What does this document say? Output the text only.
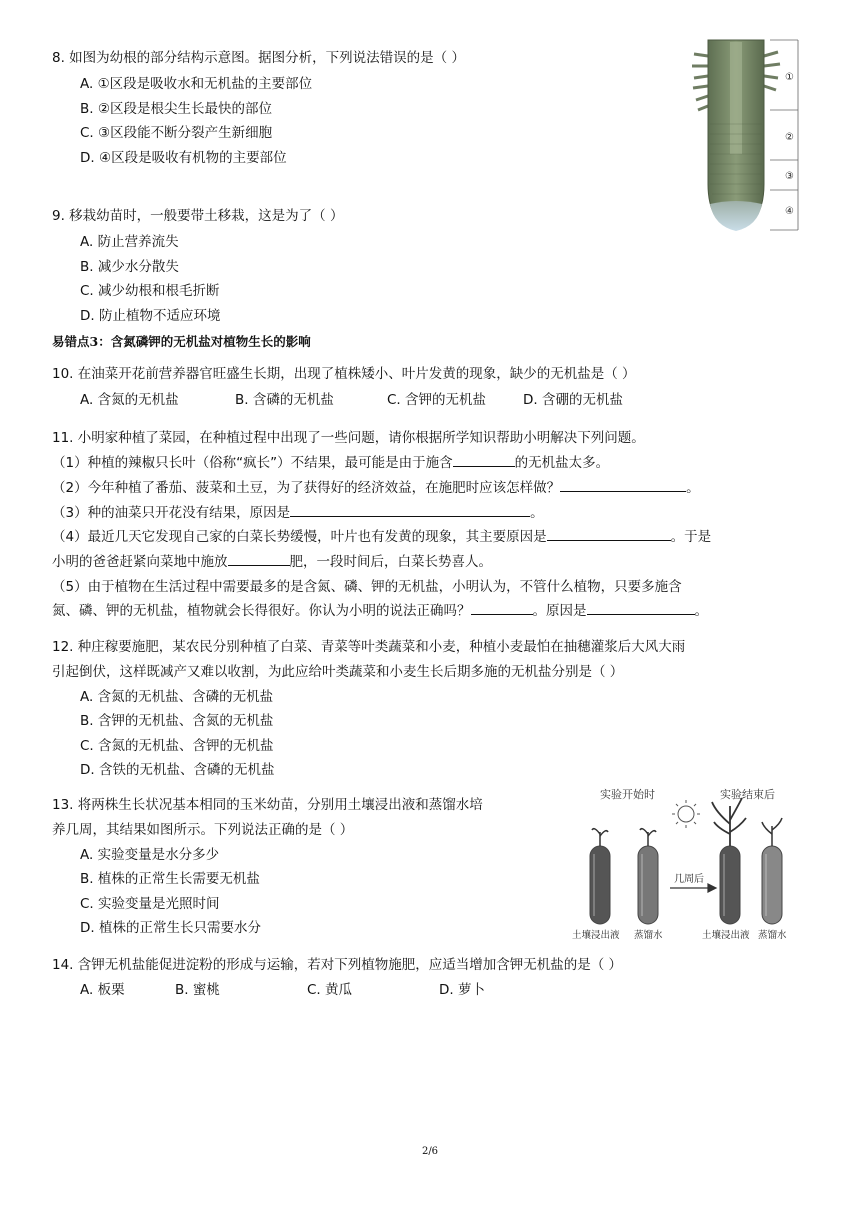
8. 如图为幼根的部分结构示意图。据图分析，下列说法错误的是（ ）
A. ①区段是吸收水和无机盐的主要部位
B. ②区段是根尖生长最快的部位
C. ③区段能不断分裂产生新细胞
D. ④区段是吸收有机物的主要部位
①
②
③
④
9. 移栽幼苗时，一般要带土移栽，这是为了（ ）
A. 防止营养流失
B. 减少水分散失
C. 减少幼根和根毛折断
D. 防止植物不适应环境
易错点3：含氮磷钾的无机盐对植物生长的影响
10. 在油菜开花前营养器官旺盛生长期，出现了植株矮小、叶片发黄的现象，缺少的无机盐是（ ）
A. 含氮的无机盐	B. 含磷的无机盐	C. 含钾的无机盐	D. 含硼的无机盐
11. 小明家种植了菜园，在种植过程中出现了一些问题，请你根据所学知识帮助小明解决下列问题。
（1）种植的辣椒只长叶（俗称“疯长”）不结果，最可能是由于施含	的无机盐太多。
（2）今年种植了番茄、菠菜和土豆，为了获得好的经济效益，在施肥时应该怎样做？	。
（3）种的油菜只开花没有结果，原因是	。
（4）最近几天它发现自己家的白菜长势缓慢，叶片也有发黄的现象，其主要原因是	。于是
小明的爸爸赶紧向菜地中施放	肥，一段时间后，白菜长势喜人。
（5）由于植物在生活过程中需要最多的是含氮、磷、钾的无机盐，小明认为，不管什么植物，只要多施含
氮、磷、钾的无机盐，植物就会长得很好。你认为小明的说法正确吗？	。原因是	。
12. 种庄稼要施肥，某农民分别种植了白菜、青菜等叶类蔬菜和小麦，种植小麦最怕在抽穗灌浆后大风大雨
引起倒伏，这样既减产又难以收割，为此应给叶类蔬菜和小麦生长后期多施的无机盐分别是（ ）
A. 含氮的无机盐、含磷的无机盐
B. 含钾的无机盐、含氮的无机盐
C. 含氮的无机盐、含钾的无机盐
D. 含铁的无机盐、含磷的无机盐
13. 将两株生长状况基本相同的玉米幼苗，分别用土壤浸出液和蒸馏水培
养几周，其结果如图所示。下列说法正确的是（ ）
A. 实验变量是水分多少
B. 植株的正常生长需要无机盐
C. 实验变量是光照时间
D. 植株的正常生长只需要水分
实验开始时	实验结束后
几周后
土壤浸出液 蒸馏水	土壤浸出液 蒸馏水
14. 含钾无机盐能促进淀粉的形成与运输，若对下列植物施肥，应适当增加含钾无机盐的是（ ）
A. 板栗	B. 蜜桃	C. 黄瓜	D. 萝卜
2/6
